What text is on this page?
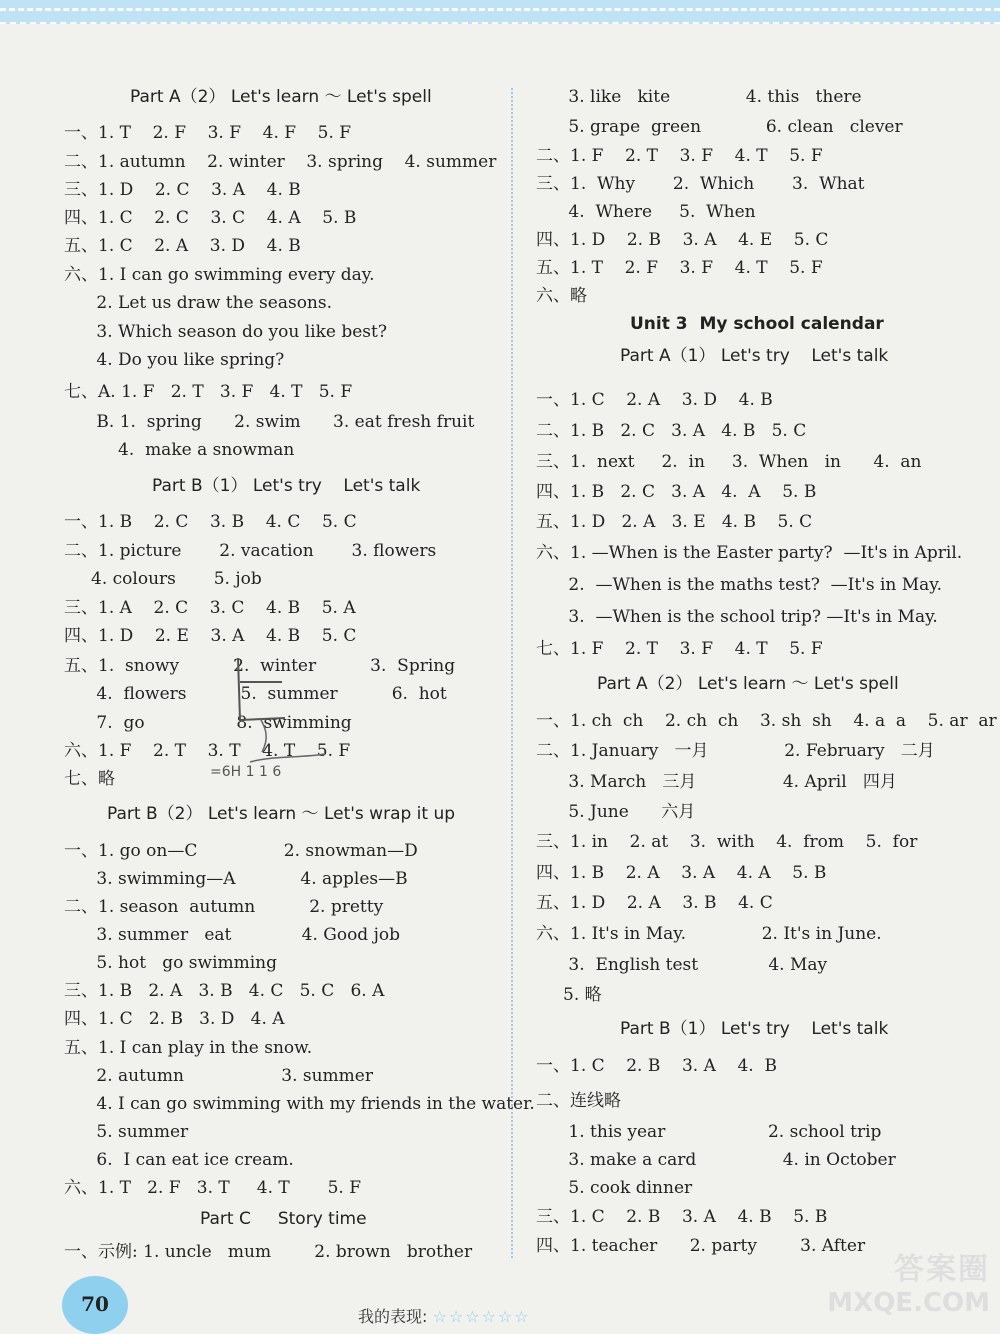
Part A（2） Let's learn ～ Let's spell
一、1. T    2. F    3. F    4. F    5. F
二、1. autumn    2. winter    3. spring    4. summer
三、1. D    2. C    3. A    4. B
四、1. C    2. C    3. C    4. A    5. B
五、1. C    2. A    3. D    4. B
六、1. I can go swimming every day.
2. Let us draw the seasons.
3. Which season do you like best?
4. Do you like spring?
七、A. 1. F   2. T   3. F   4. T   5. F
B. 1.  spring      2. swim      3. eat fresh fruit
4.  make a snowman
Part B（1） Let's try    Let's talk
一、1. B    2. C    3. B    4. C    5. C
二、1. picture       2. vacation       3. flowers
4. colours       5. job
三、1. A    2. C    3. C    4. B    5. A
四、1. D    2. E    3. A    4. B    5. C
五、1.  snowy          2.  winter          3.  Spring
4.  flowers          5.  summer          6.  hot
7.  go                 8.  swimming
六、1. F    2. T    3. T    4. T    5. F
七、略
Part B（2） Let's learn ～ Let's wrap it up
一、1. go on—C                2. snowman—D
3. swimming—A            4. apples—B
二、1. season  autumn          2. pretty
3. summer   eat             4. Good job
5. hot   go swimming
三、1. B   2. A   3. B   4. C   5. C   6. A
四、1. C   2. B   3. D   4. A
五、1. I can play in the snow.
2. autumn                  3. summer
4. I can go swimming with my friends in the water.
5. summer
6.  I can eat ice cream.
六、1. T   2. F   3. T     4. T       5. F
Part C     Story time
一、示例: 1. uncle   mum        2. brown   brother
3. like   kite              4. this   there
5. grape  green            6. clean   clever
二、1. F    2. T    3. F    4. T    5. F
三、1.  Why       2.  Which       3.  What
4.  Where     5.  When
四、1. D    2. B    3. A    4. E    5. C
五、1. T    2. F    3. F    4. T    5. F
六、略
Unit 3  My school calendar
Part A（1） Let's try    Let's talk
一、1. C    2. A    3. D    4. B
二、1. B   2. C   3. A   4. B   5. C
三、1.  next     2.  in     3.  When   in      4.  an
四、1. B   2. C   3. A   4.  A    5. B
五、1. D   2. A   3. E   4. B    5. C
六、1. —When is the Easter party?  —It's in April.
2.  —When is the maths test?  —It's in May.
3.  —When is the school trip? —It's in May.
七、1. F    2. T    3. F    4. T    5. F
Part A（2） Let's learn ～ Let's spell
一、1. ch  ch    2. ch  ch    3. sh  sh    4. a  a    5. ar  ar
二、1. January   一月              2. February   二月
3. March   三月                4. April   四月
5. June      六月
三、1. in    2. at    3.  with    4.  from    5.  for
四、1. B    2. A    3. A    4. A    5. B
五、1. D    2. A    3. B    4. C
六、1. It's in May.              2. It's in June.
3.  English test             4. May
5. 略
Part B（1） Let's try    Let's talk
一、1. C    2. B    3. A    4.  B
二、连线略
1. this year                   2. school trip
3. make a card                4. in October
5. cook dinner
三、1. C    2. B    3. A    4. B    5. B
四、1. teacher      2. party        3. After
=6H 1 1 6
70
我的表现: ☆☆☆☆☆☆
答案圈
MXQE.COM
